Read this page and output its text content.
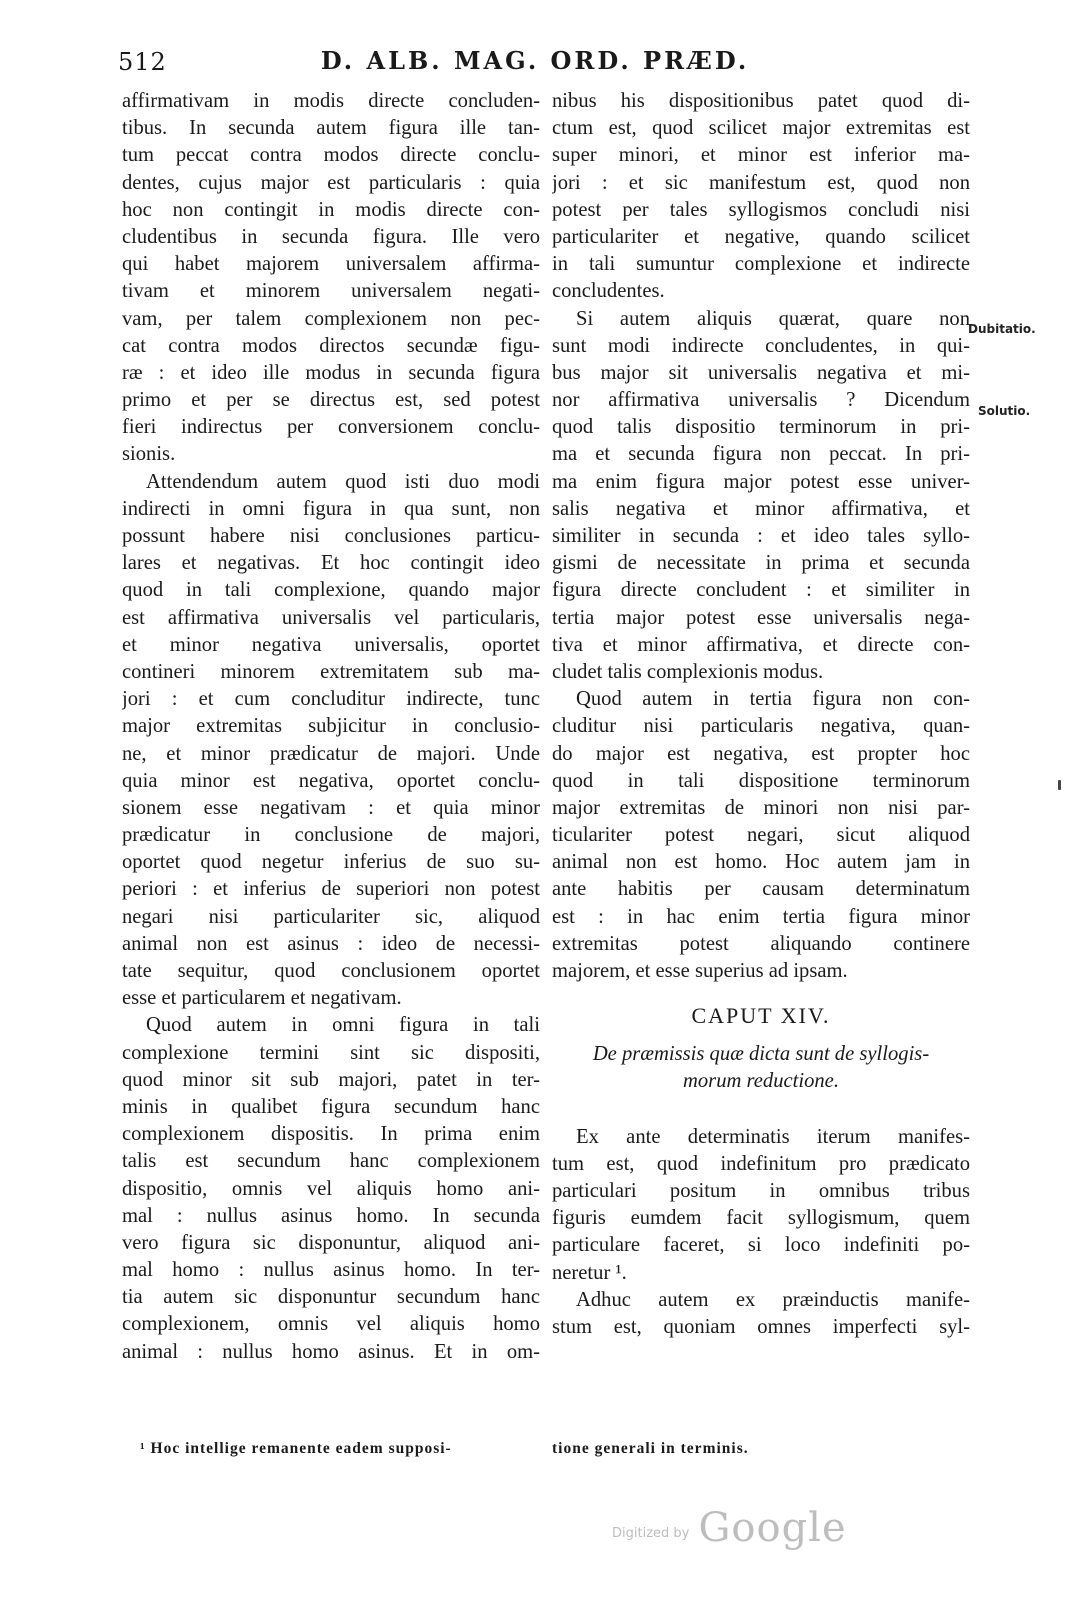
512	D. ALB. MAG. ORD. PRÆD.
affirmativam in modis directe concluden-
tibus. In secunda autem figura ille tan-
tum peccat contra modos directe conclu-
dentes, cujus major est particularis : quia
hoc non contingit in modis directe con-
cludentibus in secunda figura. Ille vero
qui habet majorem universalem affirma-
tivam et minorem universalem negati-
vam, per talem complexionem non pec-
cat contra modos directos secundæ figu-
ræ : et ideo ille modus in secunda figura
primo et per se directus est, sed potest
fieri indirectus per conversionem conclu-
sionis.
Attendendum autem quod isti duo modi
indirecti in omni figura in qua sunt, non
possunt habere nisi conclusiones particu-
lares et negativas. Et hoc contingit ideo
quod in tali complexione, quando major
est affirmativa universalis vel particularis,
et minor negativa universalis, oportet
contineri minorem extremitatem sub ma-
jori : et cum concluditur indirecte, tunc
major extremitas subjicitur in conclusio-
ne, et minor prædicatur de majori. Unde
quia minor est negativa, oportet conclu-
sionem esse negativam : et quia minor
prædicatur in conclusione de majori,
oportet quod negetur inferius de suo su-
periori : et inferius de superiori non potest
negari nisi particulariter sic, aliquod
animal non est asinus : ideo de necessi-
tate sequitur, quod conclusionem oportet
esse et particularem et negativam.
Quod autem in omni figura in tali
complexione termini sint sic dispositi,
quod minor sit sub majori, patet in ter-
minis in qualibet figura secundum hanc
complexionem dispositis. In prima enim
talis est secundum hanc complexionem
dispositio, omnis vel aliquis homo ani-
mal : nullus asinus homo. In secunda
vero figura sic disponuntur, aliquod ani-
mal homo : nullus asinus homo. In ter-
tia autem sic disponuntur secundum hanc
complexionem, omnis vel aliquis homo
animal : nullus homo asinus. Et in om-
nibus his dispositionibus patet quod di-
ctum est, quod scilicet major extremitas est
super minori, et minor est inferior ma-
jori : et sic manifestum est, quod non
potest per tales syllogismos concludi nisi
particulariter et negative, quando scilicet
in tali sumuntur complexione et indirecte
concludentes.
Si autem aliquis quærat, quare non
sunt modi indirecte concludentes, in qui-
bus major sit universalis negativa et mi-
nor affirmativa universalis ? Dicendum
quod talis dispositio terminorum in pri-
ma et secunda figura non peccat. In pri-
ma enim figura major potest esse univer-
salis negativa et minor affirmativa, et
similiter in secunda : et ideo tales syllo-
gismi de necessitate in prima et secunda
figura directe concludent : et similiter in
tertia major potest esse universalis nega-
tiva et minor affirmativa, et directe con-
cludet talis complexionis modus.
Quod autem in tertia figura non con-
cluditur nisi particularis negativa, quan-
do major est negativa, est propter hoc
quod in tali dispositione terminorum
major extremitas de minori non nisi par-
ticulariter potest negari, sicut aliquod
animal non est homo. Hoc autem jam in
ante habitis per causam determinatum
est : in hac enim tertia figura minor
extremitas potest aliquando continere
majorem, et esse superius ad ipsam.
CAPUT XIV.
De præmissis quæ dicta sunt de syllogis-
morum reductione.
Ex ante determinatis iterum manifes-
tum est, quod indefinitum pro prædicato
particulari positum in omnibus tribus
figuris eumdem facit syllogismum, quem
particulare faceret, si loco indefiniti po-
neretur ¹.
Adhuc autem ex præinductis manife-
stum est, quoniam omnes imperfecti syl-
Dubitatio.
Solutio.
¹ Hoc intellige remanente eadem supposi-	tione generali in terminis.
$^{Digitized by}$ Google
